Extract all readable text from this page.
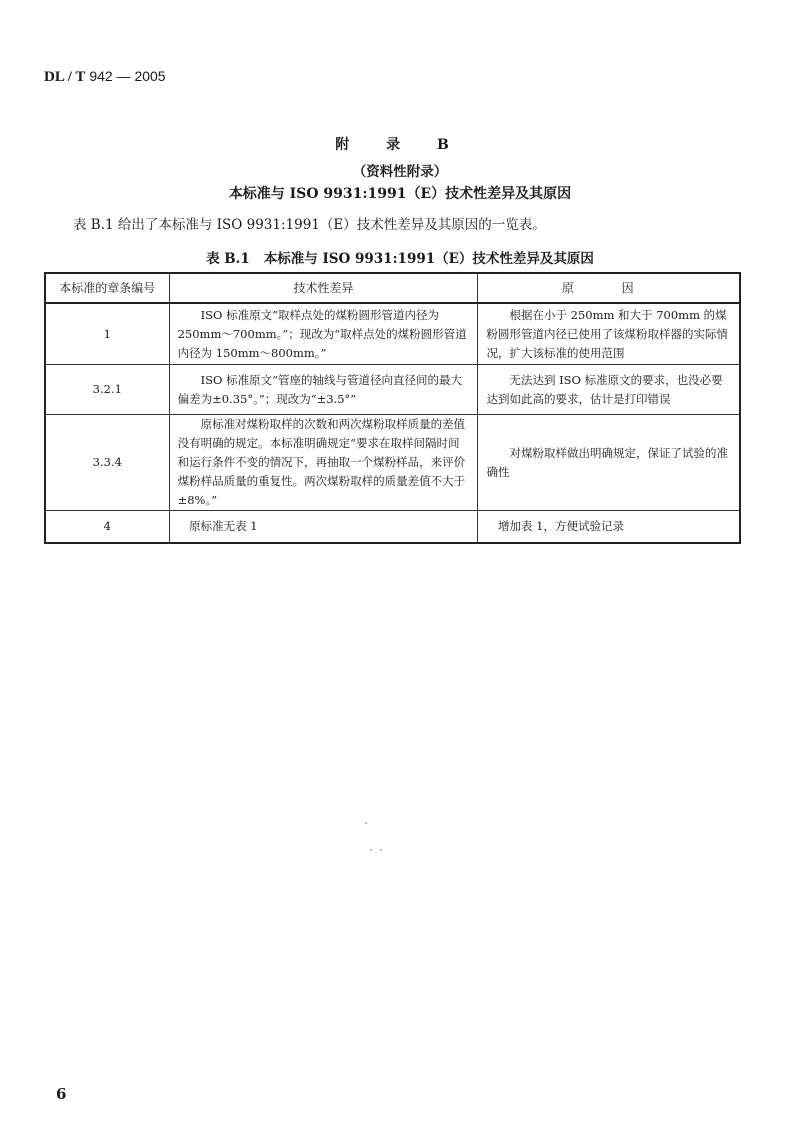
DL / T 942 — 2005
附 录 B
（资料性附录）
本标准与 ISO 9931:1991（E）技术性差异及其原因
表 B.1 给出了本标准与 ISO 9931:1991（E）技术性差异及其原因的一览表。
表 B.1 本标准与 ISO 9931:1991（E）技术性差异及其原因
本标准的章条编号	技术性差异	原 因
1	ISO 标准原文“取样点处的煤粉圆形管道内径为 250mm～700mm。”；现改为“取样点处的煤粉圆形管道内径为 150mm～800mm。”	根据在小于 250mm 和大于 700mm 的煤粉圆形管道内径已使用了该煤粉取样器的实际情况，扩大该标准的使用范围
3.2.1	ISO 标准原文“管座的轴线与管道径向直径间的最大偏差为±0.35°。”；现改为“±3.5°”	无法达到 ISO 标准原文的要求，也没必要达到如此高的要求，估计是打印错误
3.3.4	原标准对煤粉取样的次数和两次煤粉取样质量的差值没有明确的规定。本标准明确规定“要求在取样间隔时间和运行条件不变的情况下，再抽取一个煤粉样品，来评价煤粉样品质量的重复性。两次煤粉取样的质量差值不大于±8%。”	对煤粉取样做出明确规定，保证了试验的准确性
4	原标准无表 1	增加表 1，方便试验记录
6
